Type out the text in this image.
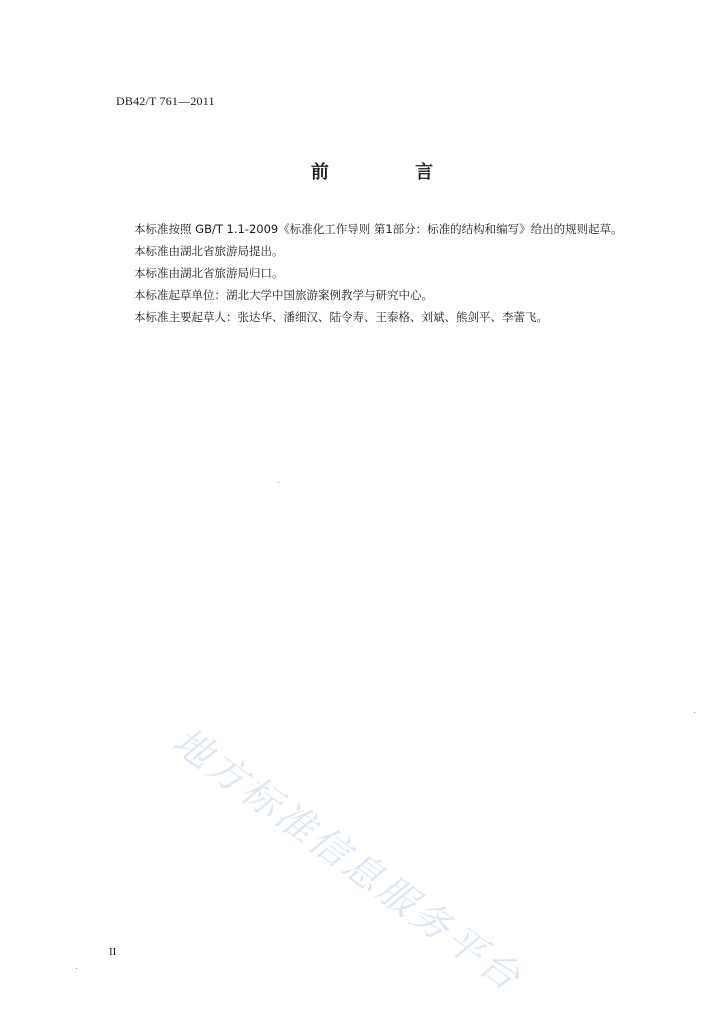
DB42/T 761—2011
前 言
本标准按照 GB/T 1.1-2009《标准化工作导则 第1部分：标准的结构和编写》给出的规则起草。
本标准由湖北省旅游局提出。
本标准由湖北省旅游局归口。
本标准起草单位：湖北大学中国旅游案例教学与研究中心。
本标准主要起草人：张达华、潘细汉、陆令寿、王泰格、刘斌、熊剑平、李蕾飞。
地方标准信息服务平台
II
